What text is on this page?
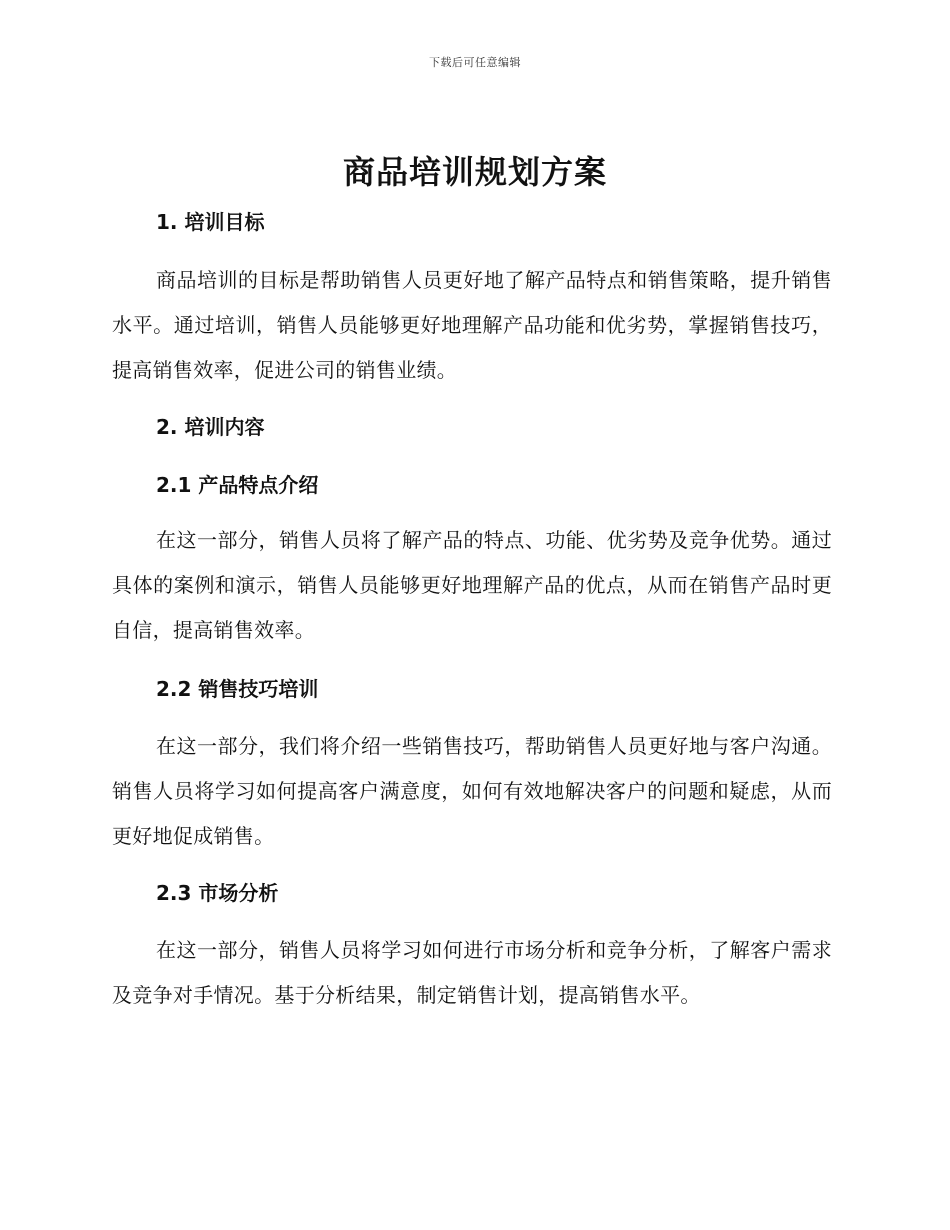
下载后可任意编辑
商品培训规划方案
1. 培训目标
商品培训的目标是帮助销售人员更好地了解产品特点和销售策略，提升销售水平。通过培训，销售人员能够更好地理解产品功能和优劣势，掌握销售技巧，提高销售效率，促进公司的销售业绩。
2. 培训内容
2.1 产品特点介绍
在这一部分，销售人员将了解产品的特点、功能、优劣势及竞争优势。通过具体的案例和演示，销售人员能够更好地理解产品的优点，从而在销售产品时更自信，提高销售效率。
2.2 销售技巧培训
在这一部分，我们将介绍一些销售技巧，帮助销售人员更好地与客户沟通。销售人员将学习如何提高客户满意度，如何有效地解决客户的问题和疑虑，从而更好地促成销售。
2.3 市场分析
在这一部分，销售人员将学习如何进行市场分析和竞争分析，了解客户需求及竞争对手情况。基于分析结果，制定销售计划，提高销售水平。
